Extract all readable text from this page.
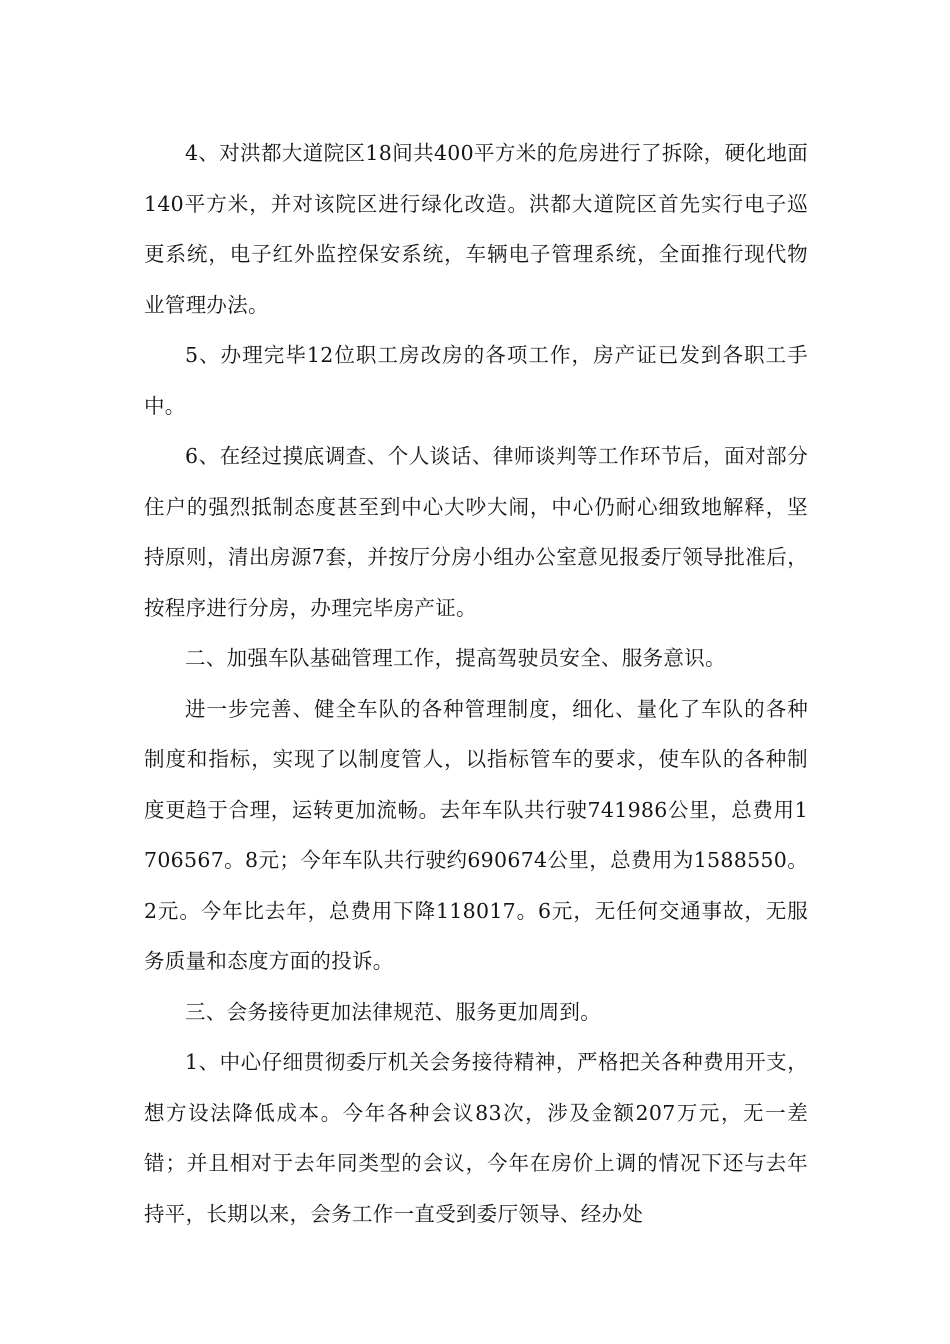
4、对洪都大道院区18间共400平方米的危房进行了拆除，硬化地面140平方米，并对该院区进行绿化改造。洪都大道院区首先实行电子巡更系统，电子红外监控保安系统，车辆电子管理系统，全面推行现代物业管理办法。

5、办理完毕12位职工房改房的各项工作，房产证已发到各职工手中。

6、在经过摸底调查、个人谈话、律师谈判等工作环节后，面对部分住户的强烈抵制态度甚至到中心大吵大闹，中心仍耐心细致地解释，坚持原则，清出房源7套，并按厅分房小组办公室意见报委厅领导批准后，按程序进行分房，办理完毕房产证。

二、加强车队基础管理工作，提高驾驶员安全、服务意识。

进一步完善、健全车队的各种管理制度，细化、量化了车队的各种制度和指标，实现了以制度管人，以指标管车的要求，使车队的各种制度更趋于合理，运转更加流畅。去年车队共行驶741986公里，总费用1706567。8元；今年车队共行驶约690674公里，总费用为1588550。2元。今年比去年，总费用下降118017。6元，无任何交通事故，无服务质量和态度方面的投诉。

三、会务接待更加法律规范、服务更加周到。

1、中心仔细贯彻委厅机关会务接待精神，严格把关各种费用开支，想方设法降低成本。今年各种会议83次，涉及金额207万元，无一差错；并且相对于去年同类型的会议，今年在房价上调的情况下还与去年持平，长期以来，会务工作一直受到委厅领导、经办处
